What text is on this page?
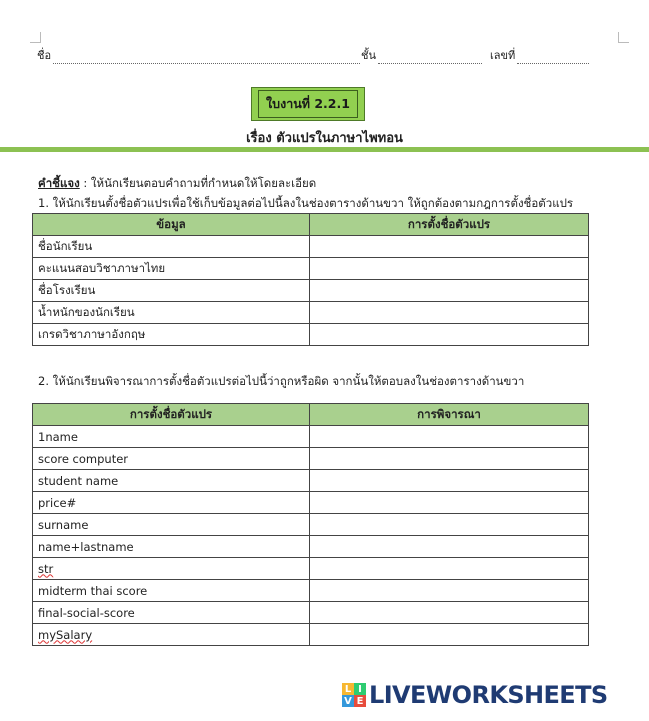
ชื่อ	ชั้น	เลขที่
ใบงานที่ 2.2.1
เรื่อง ตัวแปรในภาษาไพทอน
คำชี้แจง : ให้นักเรียนตอบคำถามที่กำหนดให้โดยละเอียด
1. ให้นักเรียนตั้งชื่อตัวแปรเพื่อใช้เก็บข้อมูลต่อไปนี้ลงในช่องตารางด้านขวา ให้ถูกต้องตามกฎการตั้งชื่อตัวแปร
ข้อมูล	การตั้งชื่อตัวแปร
ชื่อนักเรียน	
คะแนนสอบวิชาภาษาไทย	
ชื่อโรงเรียน	
น้ำหนักของนักเรียน	
เกรดวิชาภาษาอังกฤษ	
2. ให้นักเรียนพิจารณาการตั้งชื่อตัวแปรต่อไปนี้ว่าถูกหรือผิด จากนั้นให้ตอบลงในช่องตารางด้านขวา
การตั้งชื่อตัวแปร	การพิจารณา
1name	
score computer	
student name	
price#	
surname	
name+lastname	
str	
midterm thai score	
final-social-score	
mySalary	
L I
V E LIVEWORKSHEETS
